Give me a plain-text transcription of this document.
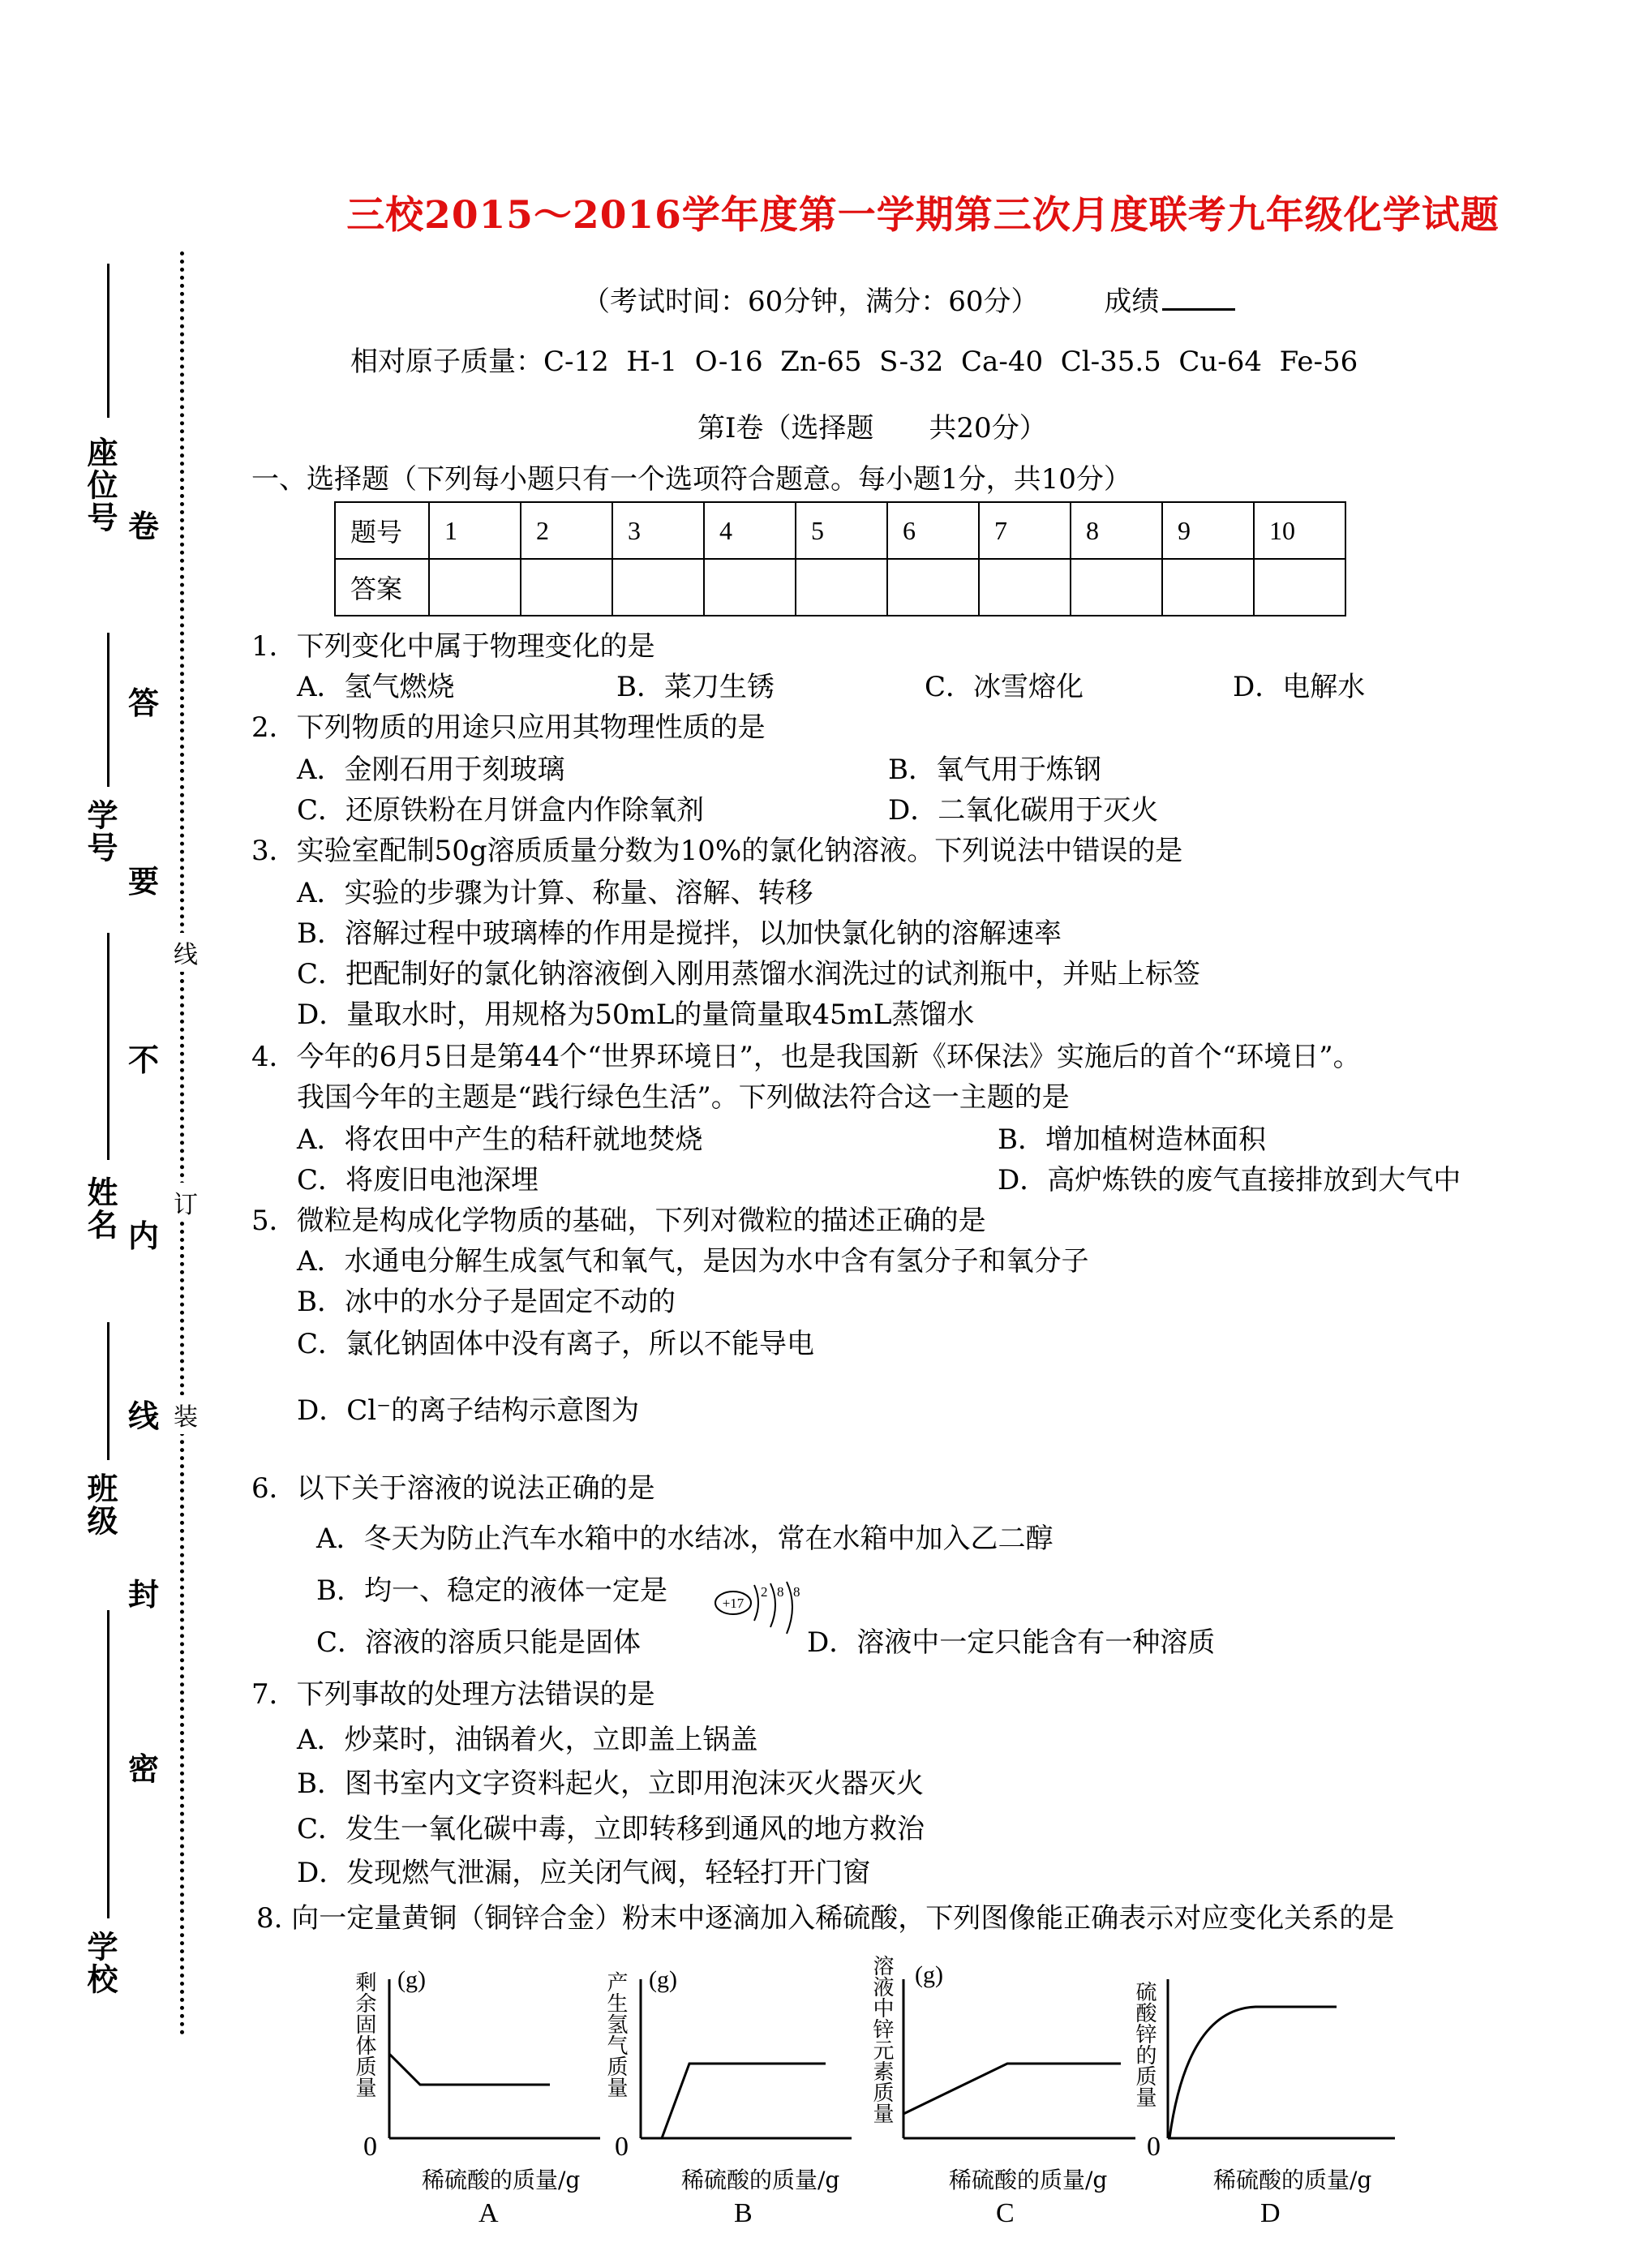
座位号
学号
姓名
班级
学校
卷
答
要
不
内
线
封
密
线
订
装
三校2015～2016学年度第一学期第三次月度联考九年级化学试题
（考试时间：60分钟，满分：60分） 成绩
相对原子质量：C-12  H-1  O-16  Zn-65  S-32  Ca-40  Cl-35.5  Cu-64  Fe-56
第Ⅰ卷（选择题　　共20分）
一、选择题（下列每小题只有一个选项符合题意。每小题1分，共10分）
题号	1	2	3	4	5	6	7	8	9	10
答案										
1．下列变化中属于物理变化的是
A．氢气燃烧	B．菜刀生锈	C．冰雪熔化	D．电解水
2．下列物质的用途只应用其物理性质的是
A．金刚石用于刻玻璃	B．氧气用于炼钢
C．还原铁粉在月饼盒内作除氧剂	D．二氧化碳用于灭火
3．实验室配制50g溶质质量分数为10%的氯化钠溶液。下列说法中错误的是
A．实验的步骤为计算、称量、溶解、转移
B．溶解过程中玻璃棒的作用是搅拌，以加快氯化钠的溶解速率
C．把配制好的氯化钠溶液倒入刚用蒸馏水润洗过的试剂瓶中，并贴上标签
D．量取水时，用规格为50mL的量筒量取45mL蒸馏水
4．今年的6月5日是第44个“世界环境日”，也是我国新《环保法》实施后的首个“环境日”。
我国今年的主题是“践行绿色生活”。下列做法符合这一主题的是
A．将农田中产生的秸秆就地焚烧	B．增加植树造林面积
C．将废旧电池深埋	D．高炉炼铁的废气直接排放到大气中
5．微粒是构成化学物质的基础，下列对微粒的描述正确的是
A．水通电分解生成氢气和氧气，是因为水中含有氢分子和氧分子
B．冰中的水分子是固定不动的
C．氯化钠固体中没有离子，所以不能导电
D．Cl⁻的离子结构示意图为
6．以下关于溶液的说法正确的是
A．冬天为防止汽车水箱中的水结冰，常在水箱中加入乙二醇
B．均一、稳定的液体一定是
C．溶液的溶质只能是固体	D．溶液中一定只能含有一种溶质
+17
2 8 8
7．下列事故的处理方法错误的是
A．炒菜时，油锅着火，立即盖上锅盖
B．图书室内文字资料起火，立即用泡沫灭火器灭火
C．发生一氧化碳中毒，立即转移到通风的地方救治
D．发现燃气泄漏，应关闭气阀，轻轻打开门窗
8. 向一定量黄铜（铜锌合金）粉末中逐滴加入稀硫酸，下列图像能正确表示对应变化关系的是
剩余固体质量 (g)
0
稀硫酸的质量/g
A
产生氢气质量 (g)
0
稀硫酸的质量/g
B
溶液中锌元素质量 (g)
稀硫酸的质量/g
C
硫酸锌的质量
0
稀硫酸的质量/g
D
